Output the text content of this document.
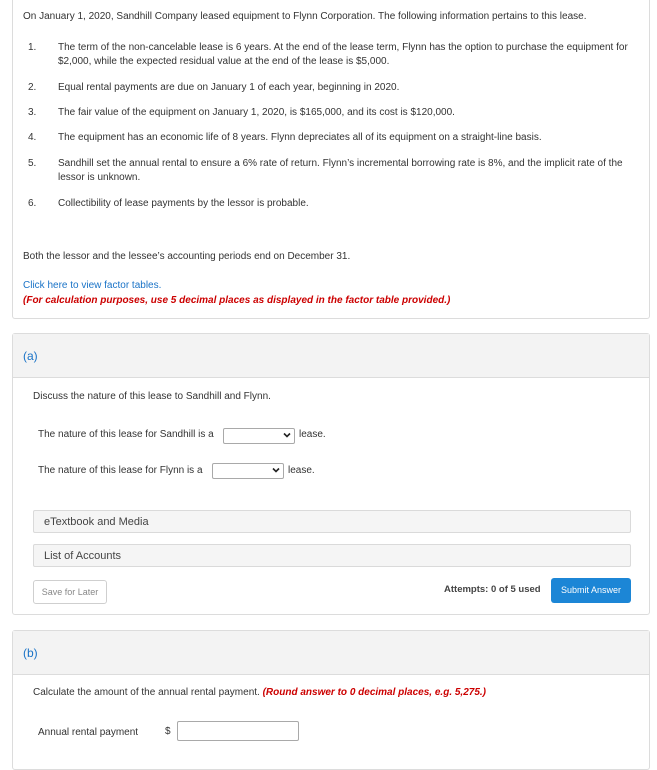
On January 1, 2020, Sandhill Company leased equipment to Flynn Corporation. The following information pertains to this lease.
1. The term of the non-cancelable lease is 6 years. At the end of the lease term, Flynn has the option to purchase the equipment for $2,000, while the expected residual value at the end of the lease is $5,000.
2. Equal rental payments are due on January 1 of each year, beginning in 2020.
3. The fair value of the equipment on January 1, 2020, is $165,000, and its cost is $120,000.
4. The equipment has an economic life of 8 years. Flynn depreciates all of its equipment on a straight-line basis.
5. Sandhill set the annual rental to ensure a 6% rate of return. Flynn’s incremental borrowing rate is 8%, and the implicit rate of the lessor is unknown.
6. Collectibility of lease payments by the lessor is probable.
Both the lessor and the lessee’s accounting periods end on December 31.
Click here to view factor tables.
(For calculation purposes, use 5 decimal places as displayed in the factor table provided.)
(a)
Discuss the nature of this lease to Sandhill and Flynn.
The nature of this lease for Sandhill is a	lease.
The nature of this lease for Flynn is a	lease.
eTextbook and Media
List of Accounts
Save for Later	Attempts: 0 of 5 used	Submit Answer
(b)
Calculate the amount of the annual rental payment. (Round answer to 0 decimal places, e.g. 5,275.)
Annual rental payment	$
